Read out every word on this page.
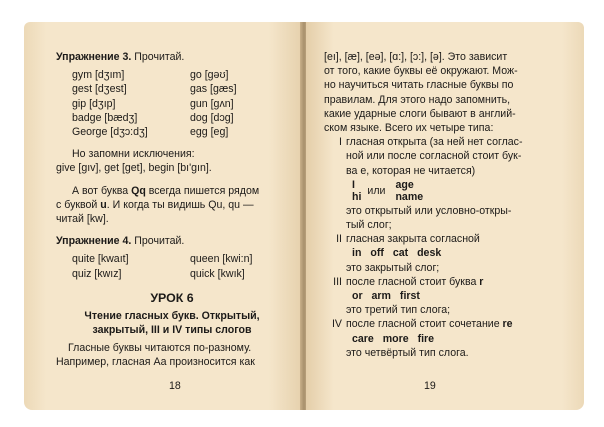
Упражнение 3. Прочитай.
gym [dʒım]	go [gəʊ]
gest [dʒest]	gas [gæs]
gip [dʒıp]	gun [gʌn]
badge [bædʒ]	dog [dɔg]
George [dʒɔ:dʒ]	egg [eg]
Но запомни исключения:
give [gıv], get [get], begin [bı'gın].
А вот буква Qq всегда пишется рядом
с буквой u. И когда ты видишь Qu, qu —
читай [kw].
Упражнение 4. Прочитай.
quite [kwaıt]	queen [kwi:n]
quiz [kwız]	quick [kwık]
УРОК 6
Чтение гласных букв. Открытый,
закрытый, III и IV типы слогов
Гласные буквы читаются по-разному.
Например, гласная Аа произносится как
18
[eı], [æ], [eə], [ɑ:], [ɔ:], [ə]. Это зависит
от того, какие буквы её окружают. Мож-
но научиться читать гласные буквы по
правилам. Для этого надо запомнить,
какие ударные слоги бывают в англий-
ском языке. Всего их четыре типа:
I гласная открыта (за ней нет соглас-
ной или после согласной стоит бук-
ва e, которая не читается)
I
hi
или age
name
это открытый или условно-откры-
тый слог;
II гласная закрыта согласной
in off cat desk
это закрытый слог;
III после гласной стоит буква r
or arm first
это третий тип слога;
IV после гласной стоит сочетание re
care more fire
это четвёртый тип слога.
19
